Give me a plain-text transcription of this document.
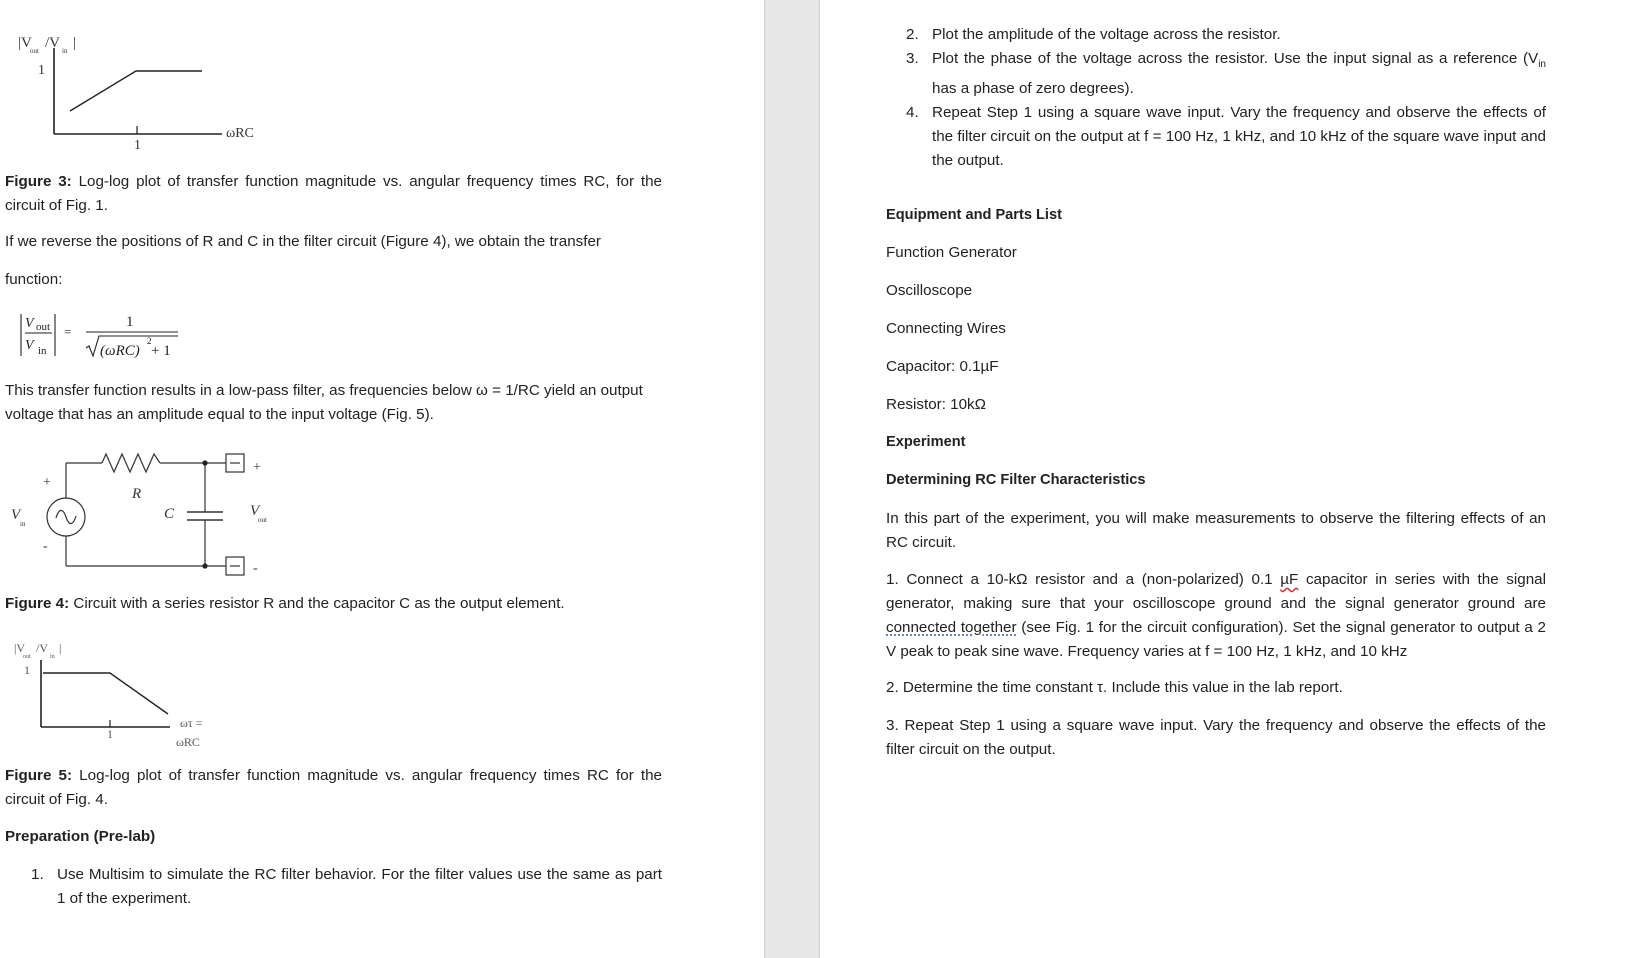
|V
out /V in |
1
1
ωRC
Figure 3: Log-log plot of transfer function magnitude vs. angular frequency times RC, for the circuit of Fig. 1.
If we reverse the positions of R and C in the filter circuit (Figure 4), we obtain the transfer
function:
V out
V in
=
1
(ωRC)
2
+ 1
This transfer function results in a low-pass filter, as frequencies below ω = 1/RC yield an output voltage that has an amplitude equal to the input voltage (Fig. 5).
+
-
V
in
R
C	V
out
+
-
Figure 4: Circuit with a series resistor R and the capacitor C as the output element.
|V
out
/V
in
|
1
1
ωτ =
ωRC
Figure 5: Log-log plot of transfer function magnitude vs. angular frequency times RC for the circuit of Fig. 4.
Preparation (Pre-lab)
1. Use Multisim to simulate the RC filter behavior. For the filter values use the same as part 1 of the experiment.
2. Plot the amplitude of the voltage across the resistor.
3. Plot the phase of the voltage across the resistor. Use the input signal as a reference ($V_{in}$ has a phase of zero degrees).
4. Repeat Step 1 using a square wave input. Vary the frequency and observe the effects of the filter circuit on the output at f = 100 Hz, 1 kHz, and 10 kHz of the square wave input and the output.
Equipment and Parts List
Function Generator
Oscilloscope
Connecting Wires
Capacitor: 0.1µF
Resistor: 10kΩ
Experiment
Determining RC Filter Characteristics
In this part of the experiment, you will make measurements to observe the filtering effects of an RC circuit.
1. Connect a 10-kΩ resistor and a (non-polarized) 0.1 µF capacitor in series with the signal generator, making sure that your oscilloscope ground and the signal generator ground are connected together (see Fig. 1 for the circuit configuration). Set the signal generator to output a 2 V peak to peak sine wave. Frequency varies at f = 100 Hz, 1 kHz, and 10 kHz
2. Determine the time constant τ. Include this value in the lab report.
3. Repeat Step 1 using a square wave input. Vary the frequency and observe the effects of the filter circuit on the output.
